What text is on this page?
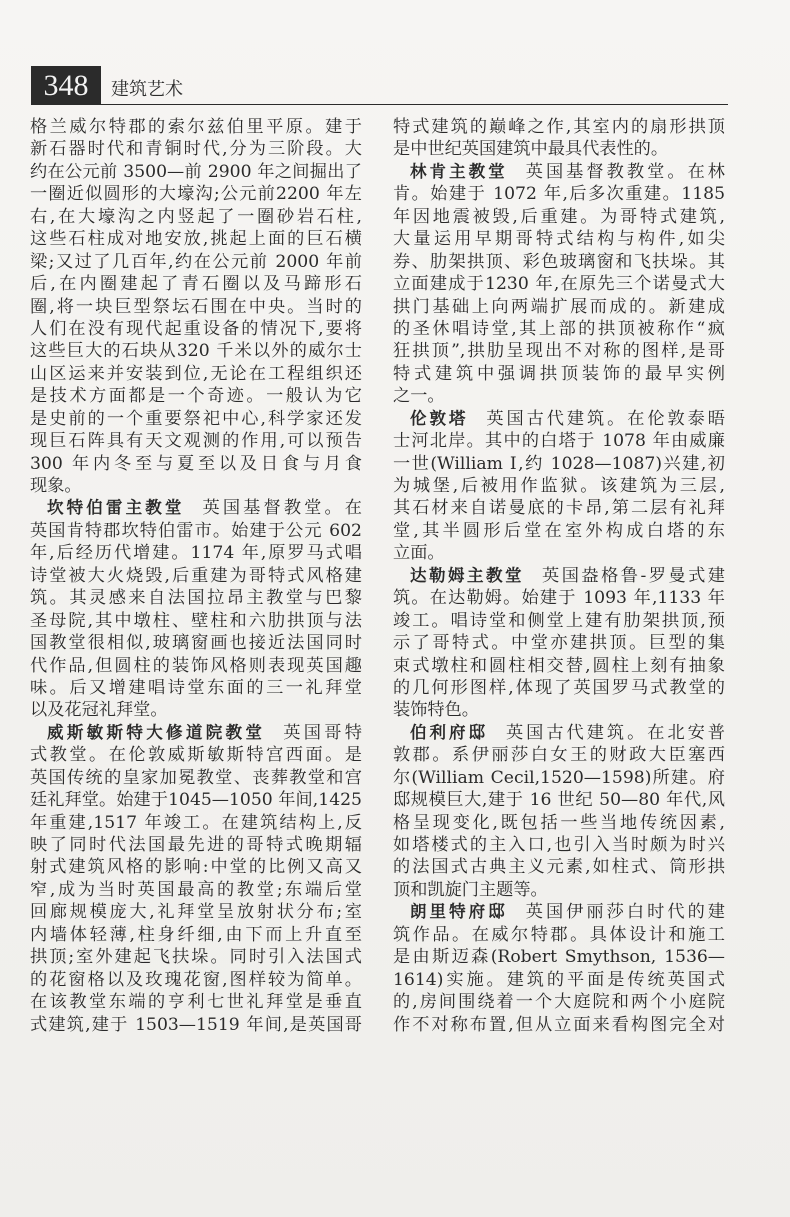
348	建筑艺术
格兰威尔特郡的索尔兹伯里平原。建于
新石器时代和青铜时代,分为三阶段。大
约在公元前 3500—前 2900 年之间掘出了
一圈近似圆形的大壕沟;公元前2200 年左
右,在大壕沟之内竖起了一圈砂岩石柱,
这些石柱成对地安放,挑起上面的巨石横
梁;又过了几百年,约在公元前 2000 年前
后,在内圈建起了青石圈以及马蹄形石
圈,将一块巨型祭坛石围在中央。当时的
人们在没有现代起重设备的情况下,要将
这些巨大的石块从320 千米以外的威尔士
山区运来并安装到位,无论在工程组织还
是技术方面都是一个奇迹。一般认为它
是史前的一个重要祭祀中心,科学家还发
现巨石阵具有天文观测的作用,可以预告
300 年内冬至与夏至以及日食与月食
现象。
坎特伯雷主教堂 英国基督教堂。在
英国肯特郡坎特伯雷市。始建于公元 602
年,后经历代增建。1174 年,原罗马式唱
诗堂被大火烧毁,后重建为哥特式风格建
筑。其灵感来自法国拉昂主教堂与巴黎
圣母院,其中墩柱、壁柱和六肋拱顶与法
国教堂很相似,玻璃窗画也接近法国同时
代作品,但圆柱的装饰风格则表现英国趣
味。后又增建唱诗堂东面的三一礼拜堂
以及花冠礼拜堂。
威斯敏斯特大修道院教堂 英国哥特
式教堂。在伦敦威斯敏斯特宫西面。是
英国传统的皇家加冕教堂、丧葬教堂和宫
廷礼拜堂。始建于1045—1050 年间,1425
年重建,1517 年竣工。在建筑结构上,反
映了同时代法国最先进的哥特式晚期辐
射式建筑风格的影响:中堂的比例又高又
窄,成为当时英国最高的教堂;东端后堂
回廊规模庞大,礼拜堂呈放射状分布;室
内墙体轻薄,柱身纤细,由下而上升直至
拱顶;室外建起飞扶垛。同时引入法国式
的花窗格以及玫瑰花窗,图样较为简单。
在该教堂东端的亨利七世礼拜堂是垂直
式建筑,建于 1503—1519 年间,是英国哥
特式建筑的巅峰之作,其室内的扇形拱顶
是中世纪英国建筑中最具代表性的。
林肯主教堂 英国基督教教堂。在林
肯。始建于 1072 年,后多次重建。1185
年因地震被毁,后重建。为哥特式建筑,
大量运用早期哥特式结构与构件,如尖
券、肋架拱顶、彩色玻璃窗和飞扶垛。其
立面建成于1230 年,在原先三个诺曼式大
拱门基础上向两端扩展而成的。新建成
的圣休唱诗堂,其上部的拱顶被称作“疯
狂拱顶”,拱肋呈现出不对称的图样,是哥
特式建筑中强调拱顶装饰的最早实例
之一。
伦敦塔 英国古代建筑。在伦敦泰晤
士河北岸。其中的白塔于 1078 年由威廉
一世(William Ⅰ,约 1028—1087)兴建,初
为城堡,后被用作监狱。该建筑为三层,
其石材来自诺曼底的卡昂,第二层有礼拜
堂,其半圆形后堂在室外构成白塔的东
立面。
达勒姆主教堂 英国盎格鲁-罗曼式建
筑。在达勒姆。始建于 1093 年,1133 年
竣工。唱诗堂和侧堂上建有肋架拱顶,预
示了哥特式。中堂亦建拱顶。巨型的集
束式墩柱和圆柱相交替,圆柱上刻有抽象
的几何形图样,体现了英国罗马式教堂的
装饰特色。
伯利府邸 英国古代建筑。在北安普
敦郡。系伊丽莎白女王的财政大臣塞西
尔(William Cecil,1520—1598)所建。府
邸规模巨大,建于 16 世纪 50—80 年代,风
格呈现变化,既包括一些当地传统因素,
如塔楼式的主入口,也引入当时颇为时兴
的法国式古典主义元素,如柱式、筒形拱
顶和凯旋门主题等。
朗里特府邸 英国伊丽莎白时代的建
筑作品。在威尔特郡。具体设计和施工
是由斯迈森(Robert Smythson, 1536—
1614)实施。建筑的平面是传统英国式
的,房间围绕着一个大庭院和两个小庭院
作不对称布置,但从立面来看构图完全对
